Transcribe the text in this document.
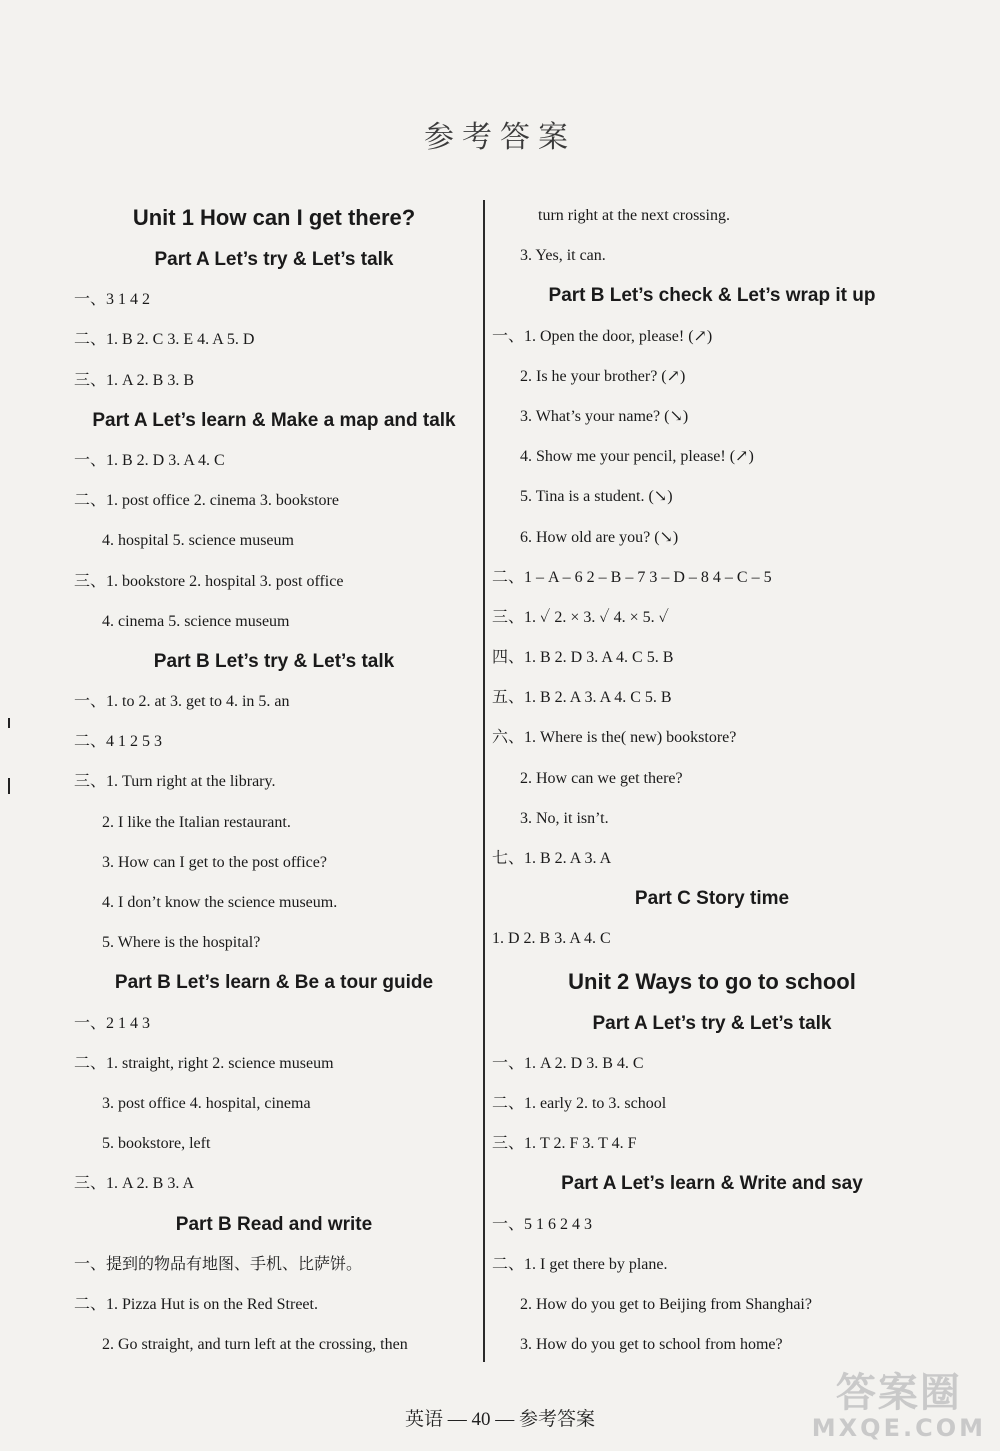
参考答案
Unit 1 How can I get there?
Part A Let’s try & Let’s talk
一、3 1 4 2
二、1. B 2. C 3. E 4. A 5. D
三、1. A 2. B 3. B
Part A Let’s learn & Make a map and talk
一、1. B 2. D 3. A 4. C
二、1. post office 2. cinema 3. bookstore
4. hospital 5. science museum
三、1. bookstore 2. hospital 3. post office
4. cinema 5. science museum
Part B Let’s try & Let’s talk
一、1. to 2. at 3. get to 4. in 5. an
二、4 1 2 5 3
三、1. Turn right at the library.
2. I like the Italian restaurant.
3. How can I get to the post office?
4. I don’t know the science museum.
5. Where is the hospital?
Part B Let’s learn & Be a tour guide
一、2 1 4 3
二、1. straight, right 2. science museum
3. post office 4. hospital, cinema
5. bookstore, left
三、1. A 2. B 3. A
Part B Read and write
一、提到的物品有地图、手机、比萨饼。
二、1. Pizza Hut is on the Red Street.
2. Go straight, and turn left at the crossing, then
turn right at the next crossing.
3. Yes, it can.
Part B Let’s check & Let’s wrap it up
一、1. Open the door, please! (↗)
2. Is he your brother? (↗)
3. What’s your name? (↘)
4. Show me your pencil, please! (↗)
5. Tina is a student. (↘)
6. How old are you? (↘)
二、1 – A – 6 2 – B – 7 3 – D – 8 4 – C – 5
三、1. ✓ 2. × 3. ✓ 4. × 5. ✓
四、1. B 2. D 3. A 4. C 5. B
五、1. B 2. A 3. A 4. C 5. B
六、1. Where is the( new) bookstore?
2. How can we get there?
3. No, it isn’t.
七、1. B 2. A 3. A
Part C Story time
1. D 2. B 3. A 4. C
Unit 2 Ways to go to school
Part A Let’s try & Let’s talk
一、1. A 2. D 3. B 4. C
二、1. early 2. to 3. school
三、1. T 2. F 3. T 4. F
Part A Let’s learn & Write and say
一、5 1 6 2 4 3
二、1. I get there by plane.
2. How do you get to Beijing from Shanghai?
3. How do you get to school from home?
英语 — 40 — 参考答案
答案圈
MXQE.COM
